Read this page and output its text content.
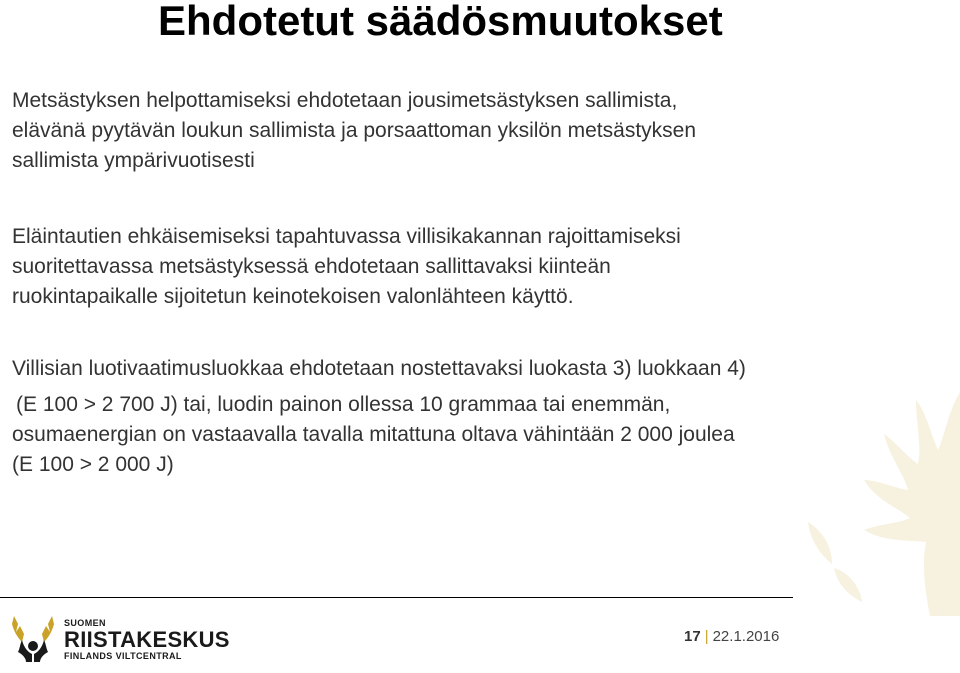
Ehdotetut säädösmuutokset
Metsästyksen helpottamiseksi ehdotetaan jousimetsästyksen sallimista,
elävänä pyytävän loukun sallimista ja porsaattoman yksilön metsästyksen
sallimista ympärivuotisesti
Eläintautien ehkäisemiseksi tapahtuvassa villisikakannan rajoittamiseksi
suoritettavassa metsästyksessä ehdotetaan sallittavaksi kiinteän
ruokintapaikalle sijoitetun keinotekoisen valonlähteen käyttö.
Villisian luotivaatimusluokkaa ehdotetaan nostettavaksi luokasta 3) luokkaan 4)
(E 100 > 2 700 J) tai, luodin painon ollessa 10 grammaa tai enemmän,
osumaenergian on vastaavalla tavalla mitattuna oltava vähintään 2 000 joulea
(E 100 > 2 000 J)
SUOMEN
RIISTAKESKUS
FINLANDS VILTCENTRAL
17 | 22.1.2016
